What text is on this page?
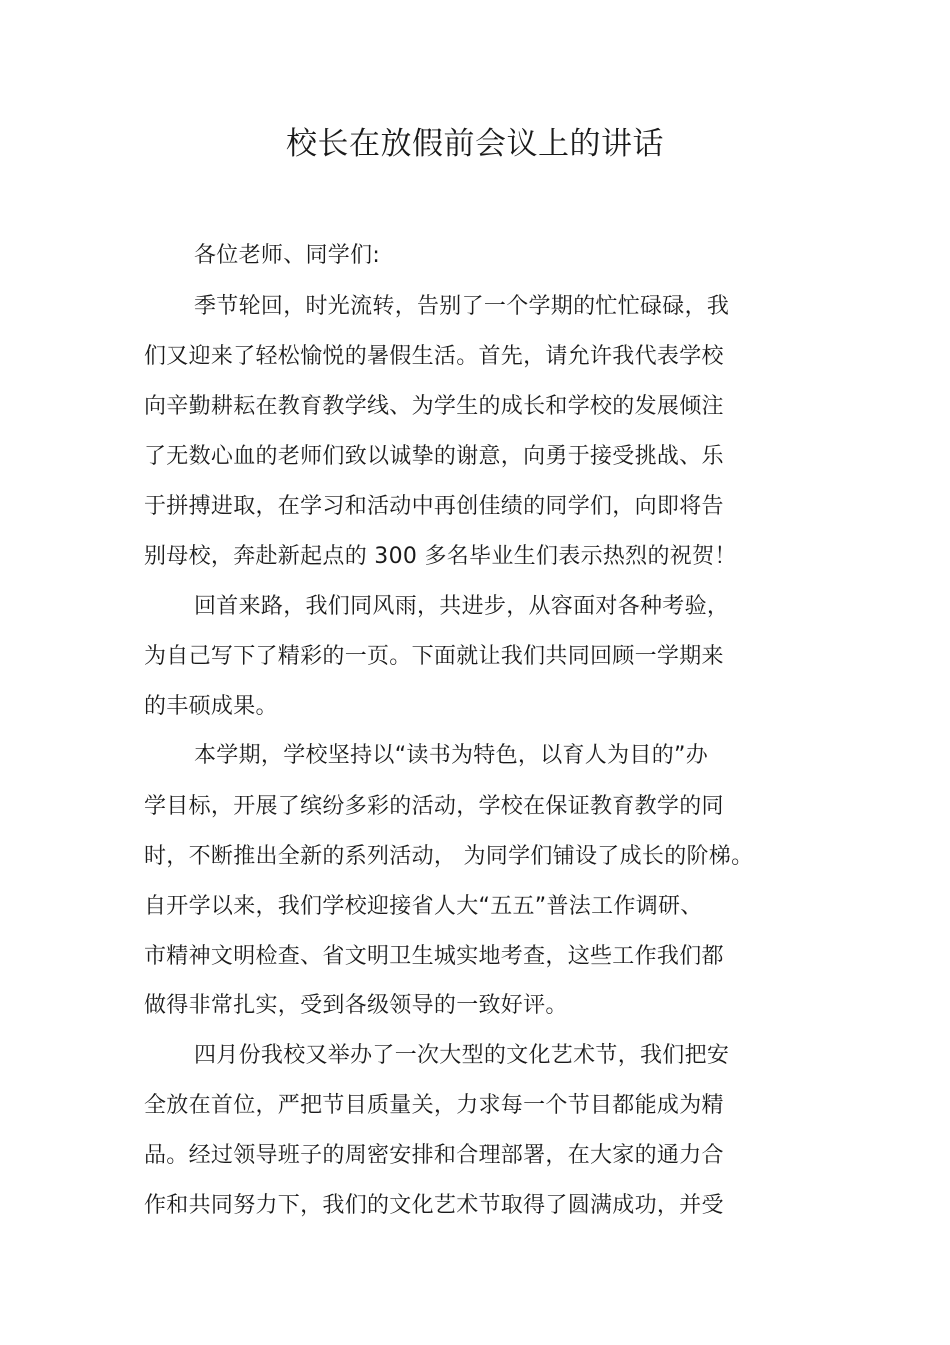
校长在放假前会议上的讲话
各位老师、同学们:
季节轮回，时光流转，告别了一个学期的忙忙碌碌，我
们又迎来了轻松愉悦的暑假生活。首先，请允许我代表学校
向辛勤耕耘在教育教学线、为学生的成长和学校的发展倾注
了无数心血的老师们致以诚挚的谢意，向勇于接受挑战、乐
于拼搏进取，在学习和活动中再创佳绩的同学们，向即将告
别母校，奔赴新起点的 300 多名毕业生们表示热烈的祝贺！
回首来路，我们同风雨，共进步，从容面对各种考验，
为自己写下了精彩的一页。下面就让我们共同回顾一学期来
的丰硕成果。
本学期，学校坚持以“读书为特色，以育人为目的”办
学目标，开展了缤纷多彩的活动，学校在保证教育教学的同
时，不断推出全新的系列活动， 为同学们铺设了成长的阶梯。
自开学以来，我们学校迎接省人大“五五”普法工作调研、
市精神文明检查、省文明卫生城实地考查，这些工作我们都
做得非常扎实，受到各级领导的一致好评。
四月份我校又举办了一次大型的文化艺术节，我们把安
全放在首位，严把节目质量关，力求每一个节目都能成为精
品。经过领导班子的周密安排和合理部署，在大家的通力合
作和共同努力下，我们的文化艺术节取得了圆满成功，并受
